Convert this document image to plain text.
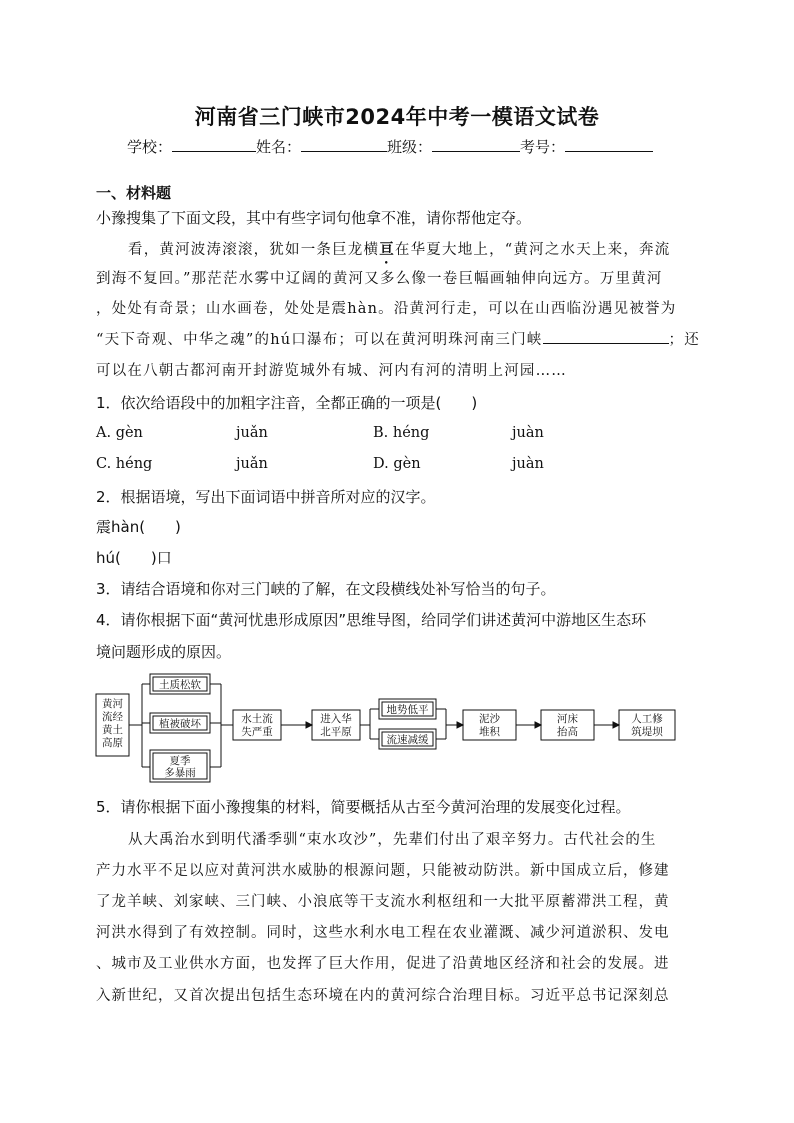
河南省三门峡市2024年中考一模语文试卷
学校：	姓名：	班级：	考号：
一、材料题
小豫搜集了下面文段，其中有些字词句他拿不准，请你帮他定夺。
看，黄河波涛滚滚，犹如一条巨龙横亘在华夏大地上，“黄河之水天上来，奔流
到海不复回。”那茫茫水雾中辽阔的黄河又多么像一卷巨幅画轴伸向远方。万里黄河
，处处有奇景；山水画卷，处处是震hàn。沿黄河行走，可以在山西临汾遇见被誉为
“天下奇观、中华之魂”的hú口瀑布；可以在黄河明珠河南三门峡	；还
可以在八朝古都河南开封游览城外有城、河内有河的清明上河园……
1．依次给语段中的加粗字注音，全都正确的一项是(　　)
A. gèn	juǎn	B. héng	juàn
C. héng	juǎn	D. gèn	juàn
2．根据语境，写出下面词语中拼音所对应的汉字。
震hàn(　　)
hú(　　)口
3．请结合语境和你对三门峡的了解，在文段横线处补写恰当的句子。
4．请你根据下面“黄河忧患形成原因”思维导图，给同学们讲述黄河中游地区生态环
境问题形成的原因。
黄河
流经
黄土
高原
土质松软
植被破坏
夏季
多暴雨
水土流
失严重
进入华
北平原
地势低平
流速减缓
泥沙
堆积
河床
抬高
人工修
筑堤坝
5．请你根据下面小豫搜集的材料，简要概括从古至今黄河治理的发展变化过程。
从大禹治水到明代潘季驯“束水攻沙”，先辈们付出了艰辛努力。古代社会的生
产力水平不足以应对黄河洪水威胁的根源问题，只能被动防洪。新中国成立后，修建
了龙羊峡、刘家峡、三门峡、小浪底等干支流水利枢纽和一大批平原蓄滞洪工程，黄
河洪水得到了有效控制。同时，这些水利水电工程在农业灌溉、减少河道淤积、发电
、城市及工业供水方面，也发挥了巨大作用，促进了沿黄地区经济和社会的发展。进
入新世纪，又首次提出包括生态环境在内的黄河综合治理目标。习近平总书记深刻总
